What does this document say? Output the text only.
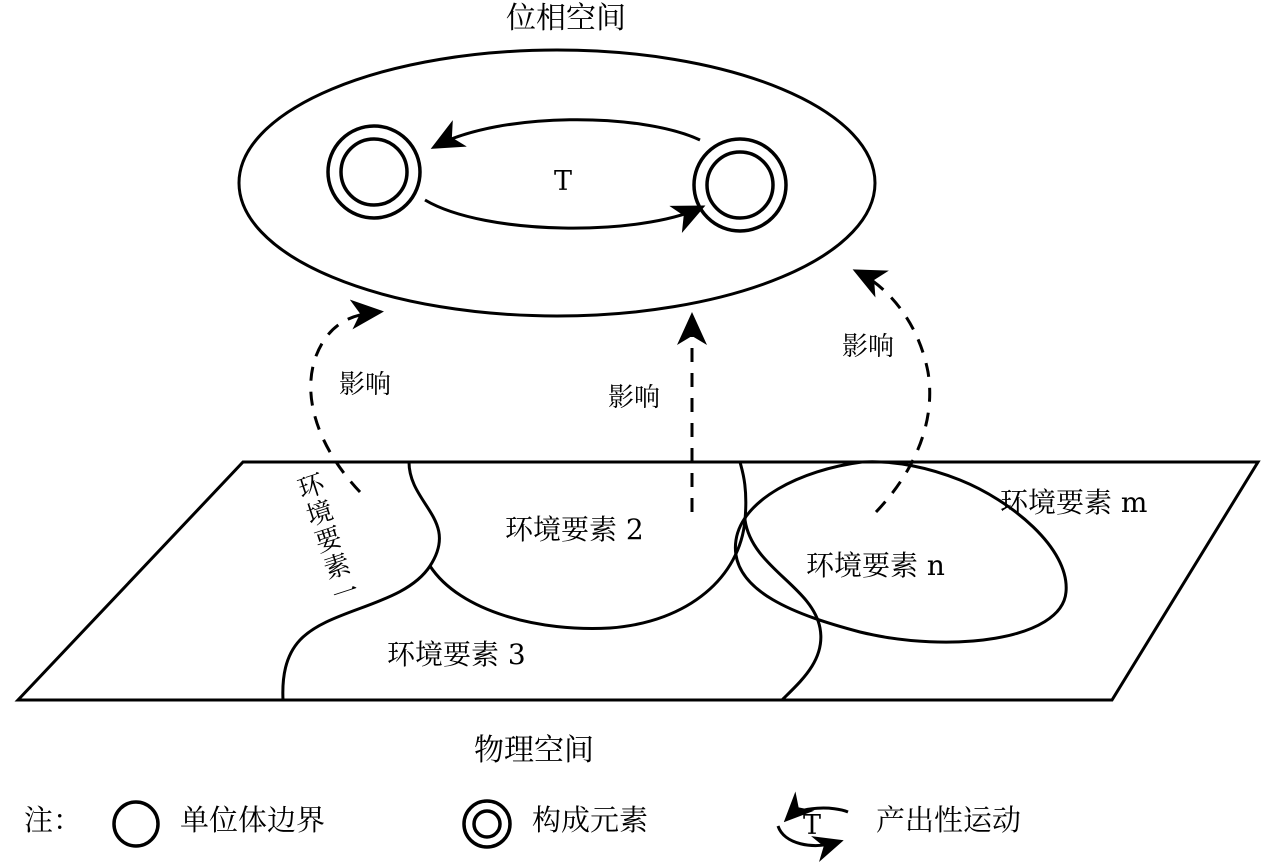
位相空间
T
影响	影响
影响
环境要素一	环境要素 2
环境要素 3
环境要素 n
环境要素 m
物理空间
注：	单位体边界	构成元素	T 产出性运动
